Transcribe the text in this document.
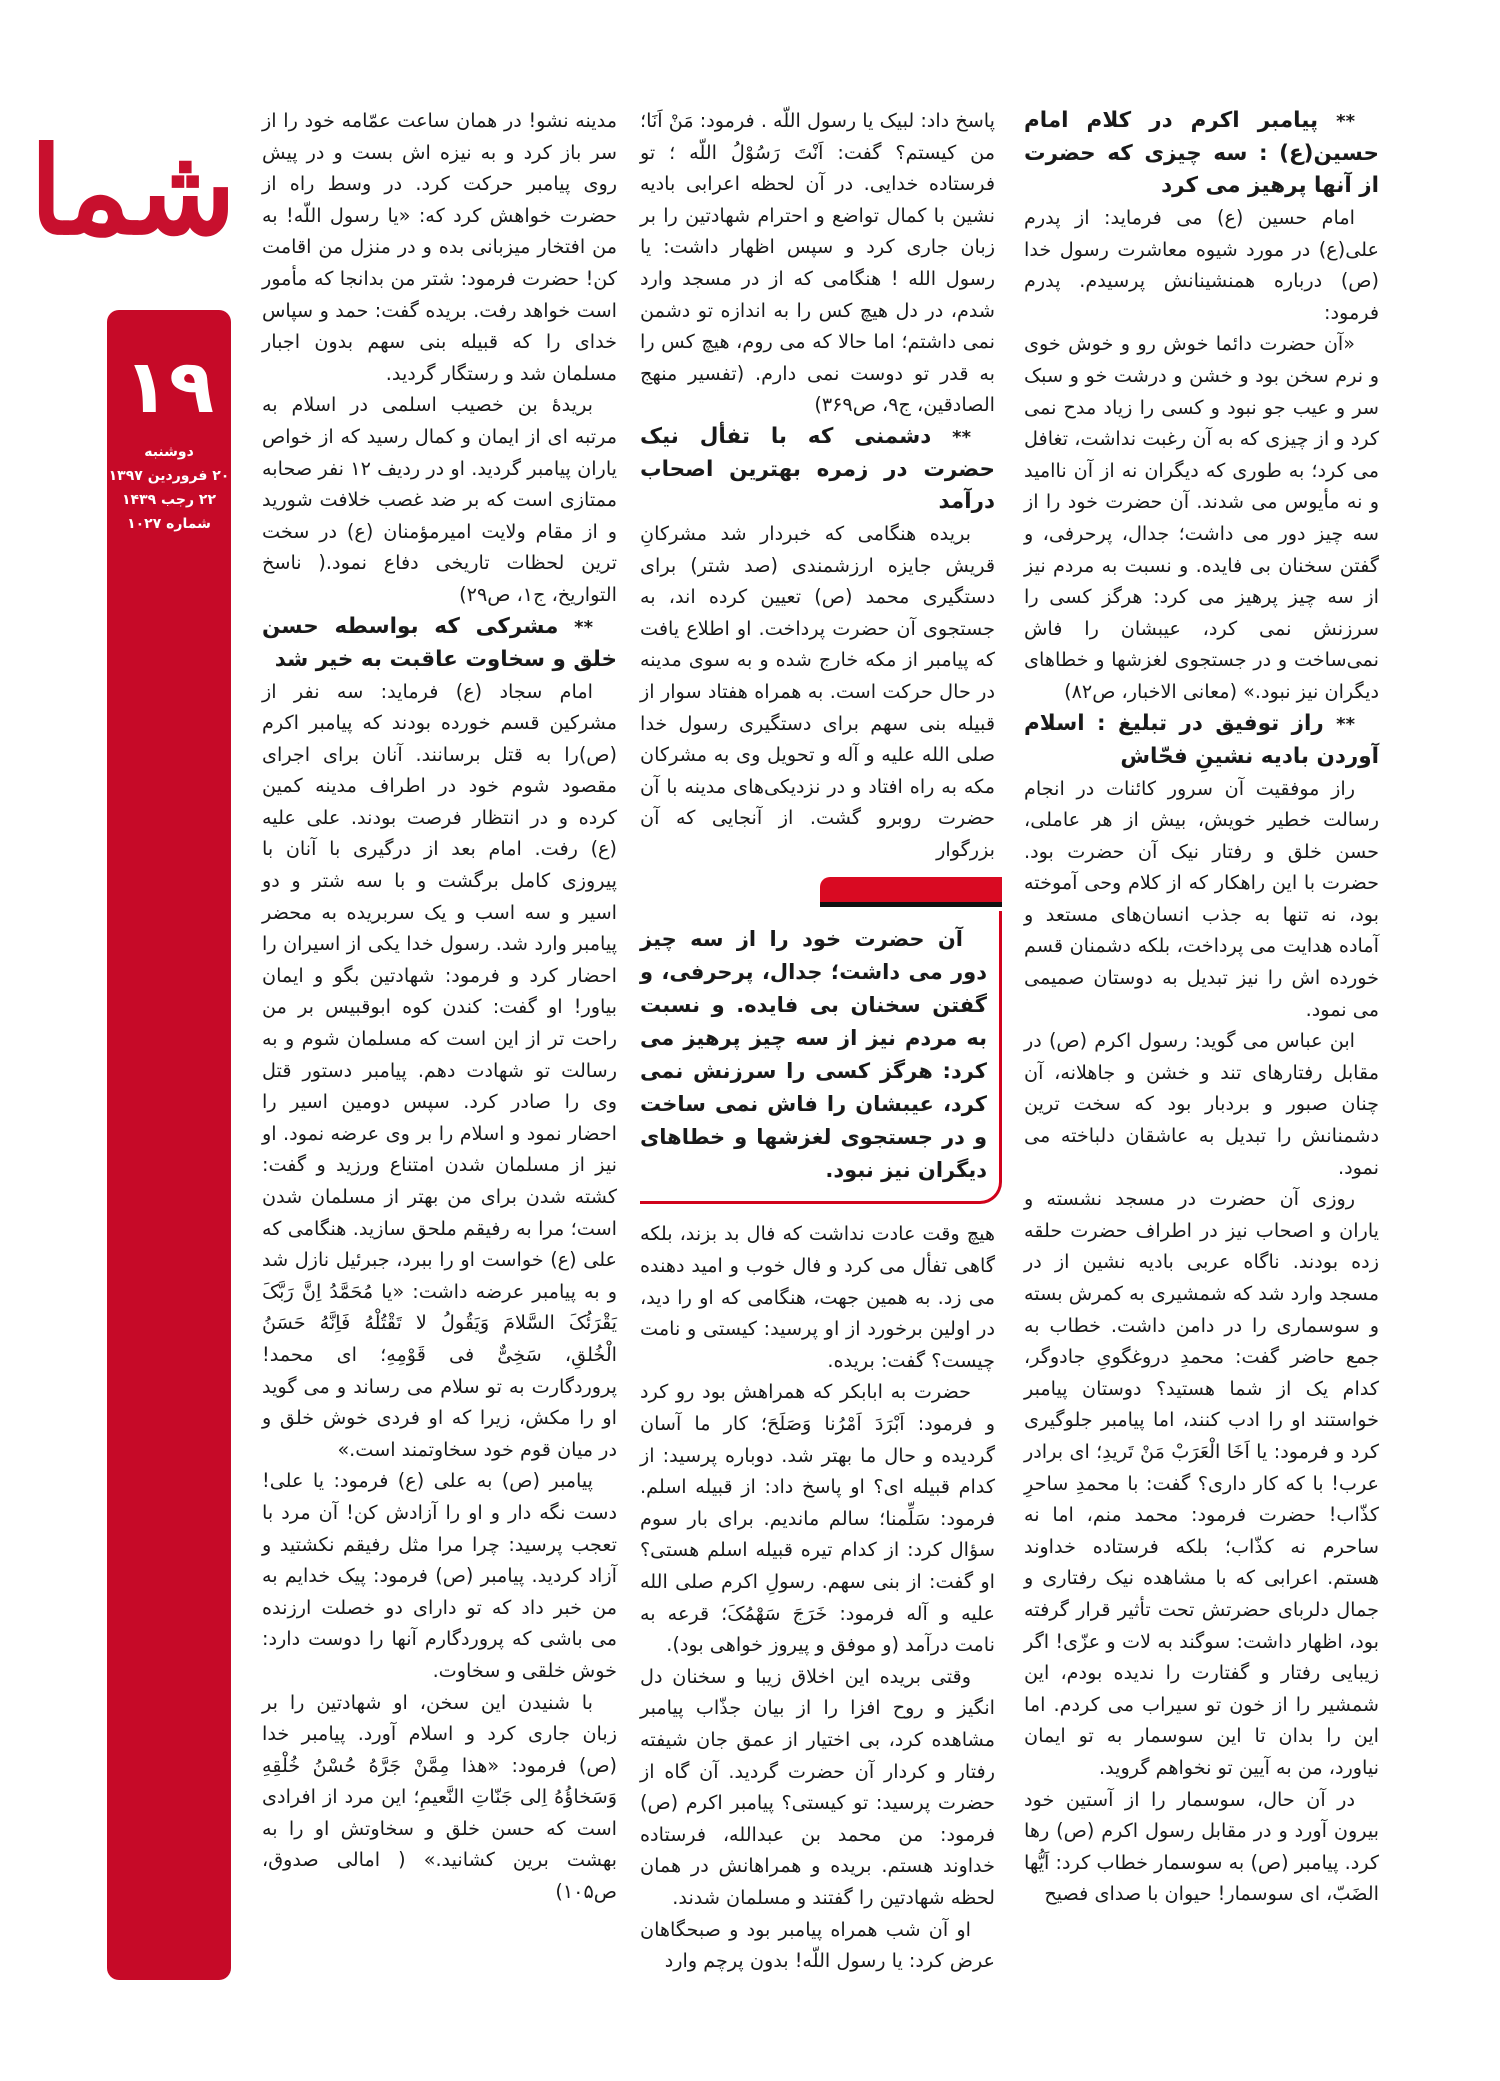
شما
۱۹
دوشنبه
۲۰ فروردین ۱۳۹۷
۲۲ رجب ۱۴۳۹
شماره ۱۰۲۷
** پیامبر اکرم در کلام امام حسین(ع) : سه چیزی که حضرت از آنها پرهیز می کرد

امام حسین (ع) می فرماید: از پدرم علی(ع) در مورد شیوه معاشرت رسول خدا (ص) درباره همنشینانش پرسیدم. پدرم فرمود:

«آن حضرت دائما خوش رو و خوش خوی و نرم سخن بود و خشن و درشت خو و سبک سر و عیب جو نبود و کسی را زیاد مدح نمی کرد و از چیزی که به آن رغبت نداشت، تغافل می کرد؛ به طوری که دیگران نه از آن ناامید و نه مأیوس می شدند. آن حضرت خود را از سه چیز دور می داشت؛ جدال، پرحرفی، و گفتن سخنان بی فایده. و نسبت به مردم نیز از سه چیز پرهیز می کرد: هرگز کسی را سرزنش نمی کرد، عیبشان را فاش نمی‌ساخت و در جستجوی لغزشها و خطاهای دیگران نیز نبود.» (معانی الاخبار، ص۸۲)

** راز توفیق در تبلیغ : اسلام آوردن بادیه نشینِ فحّاش

راز موفقیت آن سرور کائنات در انجام رسالت خطیر خویش، بیش از هر عاملی، حسن خلق و رفتار نیک آن حضرت بود. حضرت با این راهکار که از کلام وحی آموخته بود، نه تنها به جذب انسان‌های مستعد و آماده هدایت می پرداخت، بلکه دشمنان قسم خورده اش را نیز تبدیل به دوستان صمیمی می نمود.

ابن عباس می گوید: رسول اکرم (ص) در مقابل رفتارهای تند و خشن و جاهلانه، آن چنان صبور و بردبار بود که سخت ترین دشمنانش را تبدیل به عاشقان دلباخته می نمود.

روزی آن حضرت در مسجد نشسته و یاران و اصحاب نیز در اطراف حضرت حلقه زده بودند. ناگاه عربی بادیه نشین از در مسجد وارد شد که شمشیری به کمرش بسته و سوسماری را در دامن داشت. خطاب به جمع حاضر گفت: محمدِ دروغگویِ جادوگر، کدام یک از شما هستید؟ دوستان پیامبر خواستند او را ادب کنند، اما پیامبر جلوگیری کرد و فرمود: یا اَخَا الْعَرَبْ مَنْ تَریدِ؛ ای برادر عرب! با که کار داری؟ گفت: با محمدِ ساحرِ کذّاب! حضرت فرمود: محمد منم، اما نه ساحرم نه کذّاب؛ بلکه فرستاده خداوند هستم. اعرابی که با مشاهده نیک رفتاری و جمال دلربای حضرتش تحت تأثیر قرار گرفته بود، اظهار داشت: سوگند به لات و عزّی! اگر زیبایی رفتار و گفتارت را ندیده بودم، این شمشیر را از خون تو سیراب می کردم. اما این را بدان تا این سوسمار به تو ایمان نیاورد، من به آیین تو نخواهم گروید.

در آن حال، سوسمار را از آستین خود بیرون آورد و در مقابل رسول اکرم (ص) رها کرد. پیامبر (ص) به سوسمار خطاب کرد: اَیُّها الضَبّ، ای سوسمار! حیوان با صدای فصیح

پاسخ داد: لبیک یا رسول اللّه . فرمود: مَنْ اَنَا؛ من کیستم؟ گفت: اَنْتَ رَسُوْلُ اللّه ؛ تو فرستاده خدایی. در آن لحظه اعرابی بادیه نشین با کمال تواضع و احترام شهادتین را بر زبان جاری کرد و سپس اظهار داشت: یا رسول الله ! هنگامی که از در مسجد وارد شدم، در دل هیچ کس را به اندازه تو دشمن نمی داشتم؛ اما حالا که می روم، هیچ کس را به قدر تو دوست نمی دارم. (تفسیر منهج الصادقین، ج۹، ص۳۶۹)

** دشمنی که با تفأل نیک حضرت در زمره بهترین اصحاب درآمد

بریده هنگامی که خبردار شد مشرکانِ قریش جایزه ارزشمندی (صد شتر) برای دستگیری محمد (ص) تعیین کرده اند، به جستجوی آن حضرت پرداخت. او اطلاع یافت که پیامبر از مکه خارج شده و به سوی مدینه در حال حرکت است. به همراه هفتاد سوار از قبیله بنی سهم برای دستگیری رسول خدا صلی الله علیه و آله و تحویل وی به مشرکان مکه به راه افتاد و در نزدیکی‌های مدینه با آن حضرت روبرو گشت. از آنجایی که آن بزرگوار

آن حضرت خود را از سه چیز دور می داشت؛ جدال، پرحرفی، و گفتن سخنان بی فایده. و نسبت به مردم نیز از سه چیز پرهیز می کرد: هرگز کسی را سرزنش نمی کرد، عیبشان را فاش نمی ساخت و در جستجوی لغزشها و خطاهای دیگران نیز نبود.

هیچ وقت عادت نداشت که فال بد بزند، بلکه گاهی تفأل می کرد و فال خوب و امید دهنده می زد. به همین جهت، هنگامی که او را دید، در اولین برخورد از او پرسید: کیستی و نامت چیست؟ گفت: بریده.

حضرت به ابابکر که همراهش بود رو کرد و فرمود: اَبْرَدَ اَمْرُنا وَصَلَحَ؛ کار ما آسان گردیده و حال ما بهتر شد. دوباره پرسید: از کدام قبیله ای؟ او پاسخ داد: از قبیله اسلم. فرمود: سَلِّمنا؛ سالم ماندیم. برای بار سوم سؤال کرد: از کدام تیره قبیله اسلم هستی؟ او گفت: از بنی سهم. رسولِ اکرم صلی الله علیه و آله فرمود: خَرَجَ سَهْمُکَ؛ قرعه به نامت درآمد (و موفق و پیروز خواهی بود).

وقتی بریده این اخلاق زیبا و سخنان دل انگیز و روح افزا را از بیان جذّاب پیامبر مشاهده کرد، بی اختیار از عمق جان شیفته رفتار و کردار آن حضرت گردید. آن گاه از حضرت پرسید: تو کیستی؟ پیامبر اکرم (ص) فرمود: من محمد بن عبدالله، فرستاده خداوند هستم. بریده و همراهانش در همان لحظه شهادتین را گفتند و مسلمان شدند.

او آن شب همراه پیامبر بود و صبحگاهان عرض کرد: یا رسول اللّه! بدون پرچم وارد

مدینه نشو! در همان ساعت عمّامه خود را از سر باز کرد و به نیزه اش بست و در پیش روی پیامبر حرکت کرد. در وسط راه از حضرت خواهش کرد که: «یا رسول اللّه! به من افتخار میزبانی بده و در منزل من اقامت کن! حضرت فرمود: شتر من بدانجا که مأمور است خواهد رفت. بریده گفت: حمد و سپاس خدای را که قبیله بنی سهم بدون اجبار مسلمان شد و رستگار گردید.

بریدهٔ بن خصیب اسلمی در اسلام به مرتبه ای از ایمان و کمال رسید که از خواص یاران پیامبر گردید. او در ردیف ۱۲ نفر صحابه ممتازی است که بر ضد غصب خلافت شورید و از مقام ولایت امیرمؤمنان (ع) در سخت ترین لحظات تاریخی دفاع نمود.( ناسخ التواریخ، ج۱، ص۲۹)

** مشرکی که بواسطه حسن خلق و سخاوت عاقبت به خیر شد

امام سجاد (ع) فرماید: سه نفر از مشرکین قسم خورده بودند که پیامبر اکرم (ص)را به قتل برسانند. آنان برای اجرای مقصود شوم خود در اطراف مدینه کمین کرده و در انتظار فرصت بودند. علی علیه (ع) رفت. امام بعد از درگیری با آنان با پیروزی کامل برگشت و با سه شتر و دو اسیر و سه اسب و یک سربریده به محضر پیامبر وارد شد. رسول خدا یکی از اسیران را احضار کرد و فرمود: شهادتین بگو و ایمان بیاور! او گفت: کندن کوه ابوقبیس بر من راحت تر از این است که مسلمان شوم و به رسالت تو شهادت دهم. پیامبر دستور قتل وی را صادر کرد. سپس دومین اسیر را احضار نمود و اسلام را بر وی عرضه نمود. او نیز از مسلمان شدن امتناع ورزید و گفت: کشته شدن برای من بهتر از مسلمان شدن است؛ مرا به رفیقم ملحق سازید. هنگامی که علی (ع) خواست او را ببرد، جبرئیل نازل شد و به پیامبر عرضه داشت: «یا مُحَمَّدُ اِنَّ رَبَّکَ یَقْرَئُکَ السَّلامَ وَیَقُولُ لا تَقْتُلْهُ فَاِنَّهُ حَسَنُ الْخُلقِ، سَخِیٌّ فی قَوْمِهِ؛ ای محمد! پروردگارت به تو سلام می رساند و می گوید او را مکش، زیرا که او فردی خوش خلق و در میان قوم خود سخاوتمند است.»

پیامبر (ص) به علی (ع) فرمود: یا علی! دست نگه دار و او را آزادش کن! آن مرد با تعجب پرسید: چرا مرا مثل رفیقم نکشتید و آزاد کردید. پیامبر (ص) فرمود: پیک خدایم به من خبر داد که تو دارای دو خصلت ارزنده می باشی که پروردگارم آنها را دوست دارد: خوش خلقی و سخاوت.

با شنیدن این سخن، او شهادتین را بر زبان جاری کرد و اسلام آورد. پیامبر خدا (ص) فرمود: «هذا مِمَّنْ جَرَّهُ حُسْنُ خُلْقِهِ وَسَخاؤُهُ اِلی جَنّاتِ النَّعیمِ؛ این مرد از افرادی است که حسن خلق و سخاوتش او را به بهشت برین کشانید.» ( امالی صدوق، ص۱۰۵)
